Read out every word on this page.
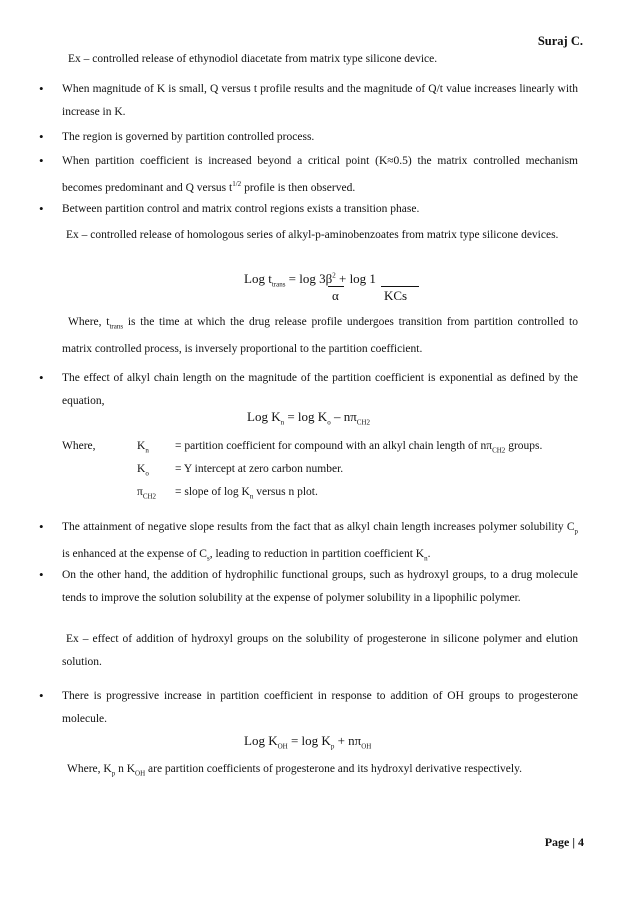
Suraj C.
Ex – controlled release of ethynodiol diacetate from matrix type silicone device.
•
When magnitude of K is small, Q versus t profile results and the magnitude of Q/t value increases linearly with increase in K.
•
The region is governed by partition controlled process.
•
When partition coefficient is increased beyond a critical point (K≈0.5) the matrix controlled mechanism becomes predominant and Q versus $t^{1/2}$ profile is then observed.
•
Between partition control and matrix control regions exists a transition phase.
Ex – controlled release of homologous series of alkyl-p-aminobenzoates from matrix type silicone devices.
Log $t_{trans} = \log 3\beta^2 + \log 1$
α	KCs
Where, $t_{trans}$ is the time at which the drug release profile undergoes transition from partition controlled to matrix controlled process, is inversely proportional to the partition coefficient.
•
The effect of alkyl chain length on the magnitude of the partition coefficient is exponential as defined by the equation,
Log $K_n = \log K_o - n\pi_{CH2}$
Where,	$K_n$ = partition coefficient for compound with an alkyl chain length of $n\pi_{CH2}$ groups.
$K_o = Y$ intercept at zero carbon number.
$\pi_{CH2}$ = slope of $\log K_n$ versus n plot.
•
The attainment of negative slope results from the fact that as alkyl chain length increases polymer solubility $C_p$ is enhanced at the expense of $C_s$, leading to reduction in partition coefficient $K_n$.
•
On the other hand, the addition of hydrophilic functional groups, such as hydroxyl groups, to a drug molecule tends to improve the solution solubility at the expense of polymer solubility in a lipophilic polymer.
Ex – effect of addition of hydroxyl groups on the solubility of progesterone in silicone polymer and elution solution.
•
There is progressive increase in partition coefficient in response to addition of OH groups to progesterone molecule.
Log $K_{OH} = \log K_p + n\pi_{OH}$
Where, $K_p$ n $K_{OH}$ are partition coefficients of progesterone and its hydroxyl derivative respectively.
Page | 4
